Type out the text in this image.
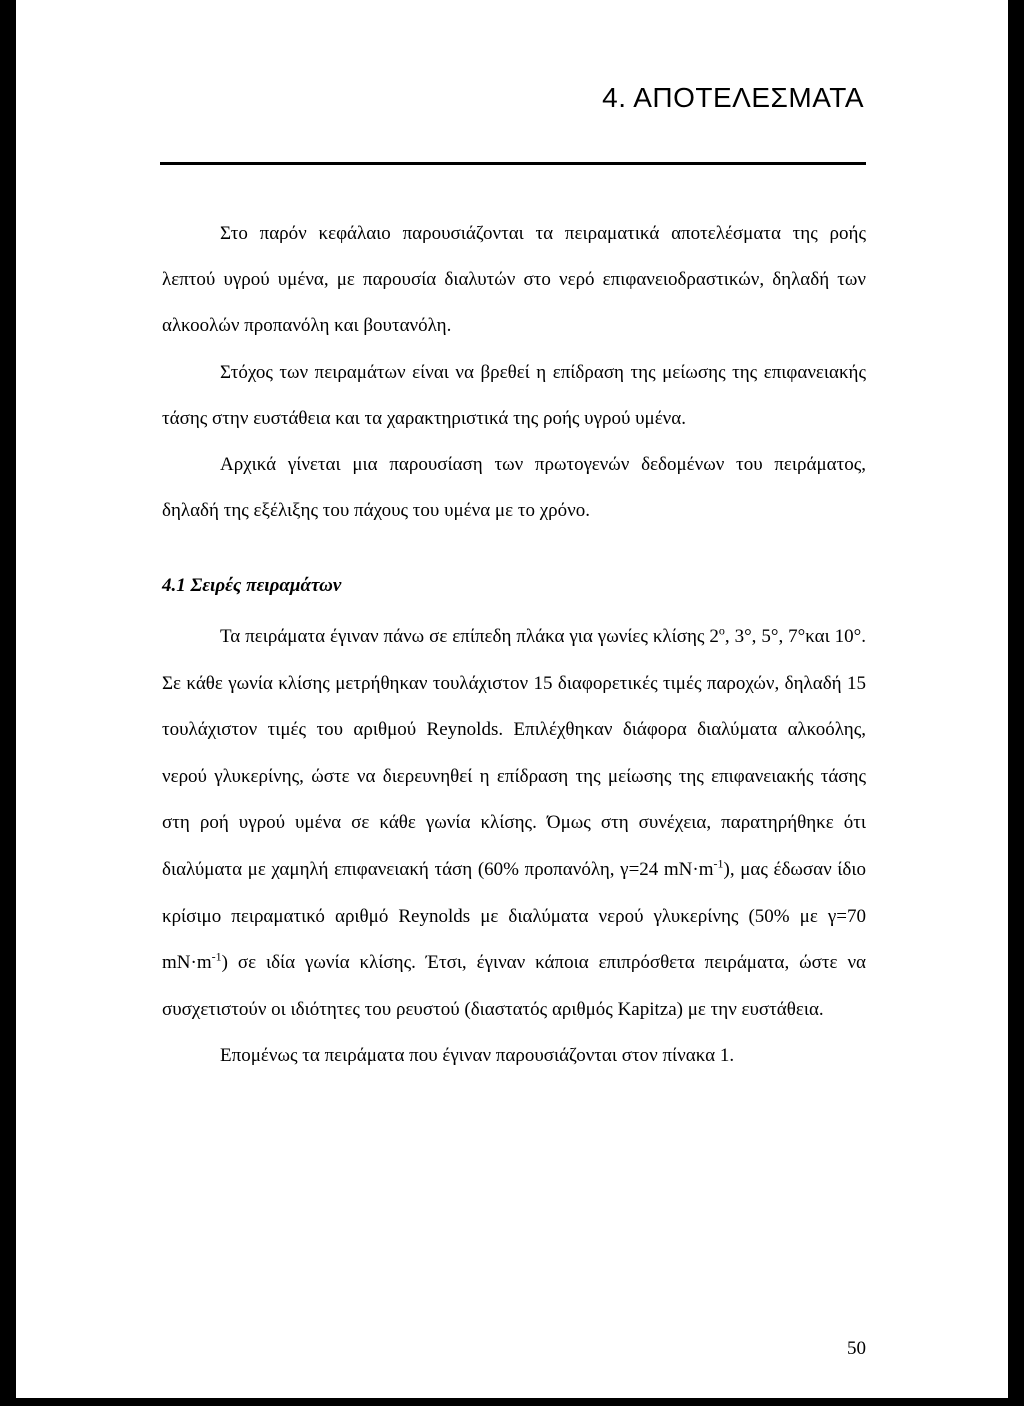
4. ΑΠΟΤΕΛΕΣΜΑΤΑ

Στο παρόν κεφάλαιο παρουσιάζονται τα πειραματικά αποτελέσματα της ροής λεπτού υγρού υμένα, με παρουσία διαλυτών στο νερό επιφανειοδραστικών, δηλαδή των αλκοολών προπανόλη και βουτανόλη.

Στόχος των πειραμάτων είναι να βρεθεί η επίδραση της μείωσης της επιφανειακής τάσης στην ευστάθεια και τα χαρακτηριστικά της ροής υγρού υμένα.

Αρχικά γίνεται μια παρουσίαση των πρωτογενών δεδομένων του πειράματος, δηλαδή της εξέλιξης του πάχους του υμένα με το χρόνο.

4.1 Σειρές πειραμάτων

Τα πειράματα έγιναν πάνω σε επίπεδη πλάκα για γωνίες κλίσης $2^o$, 3°, 5°, 7°και 10°. Σε κάθε γωνία κλίσης μετρήθηκαν τουλάχιστον 15 διαφορετικές τιμές παροχών, δηλαδή 15 τουλάχιστον τιμές του αριθμού Reynolds. Επιλέχθηκαν διάφορα διαλύματα αλκοόλης, νερού γλυκερίνης, ώστε να διερευνηθεί η επίδραση της μείωσης της επιφανειακής τάσης στη ροή υγρού υμένα σε κάθε γωνία κλίσης. Όμως στη συνέχεια, παρατηρήθηκε ότι διαλύματα με χαμηλή επιφανειακή τάση (60% προπανόλη, γ=24 $mN\cdot m^{-1}$), μας έδωσαν ίδιο κρίσιμο πειραματικό αριθμό Reynolds με διαλύματα νερού γλυκερίνης (50% με γ=70 $mN\cdot m^{-1}$) σε ιδία γωνία κλίσης. Έτσι, έγιναν κάποια επιπρόσθετα πειράματα, ώστε να συσχετιστούν οι ιδιότητες του ρευστού (διαστατός αριθμός Kapitza) με την ευστάθεια.

Επομένως τα πειράματα που έγιναν παρουσιάζονται στον πίνακα 1.

50
